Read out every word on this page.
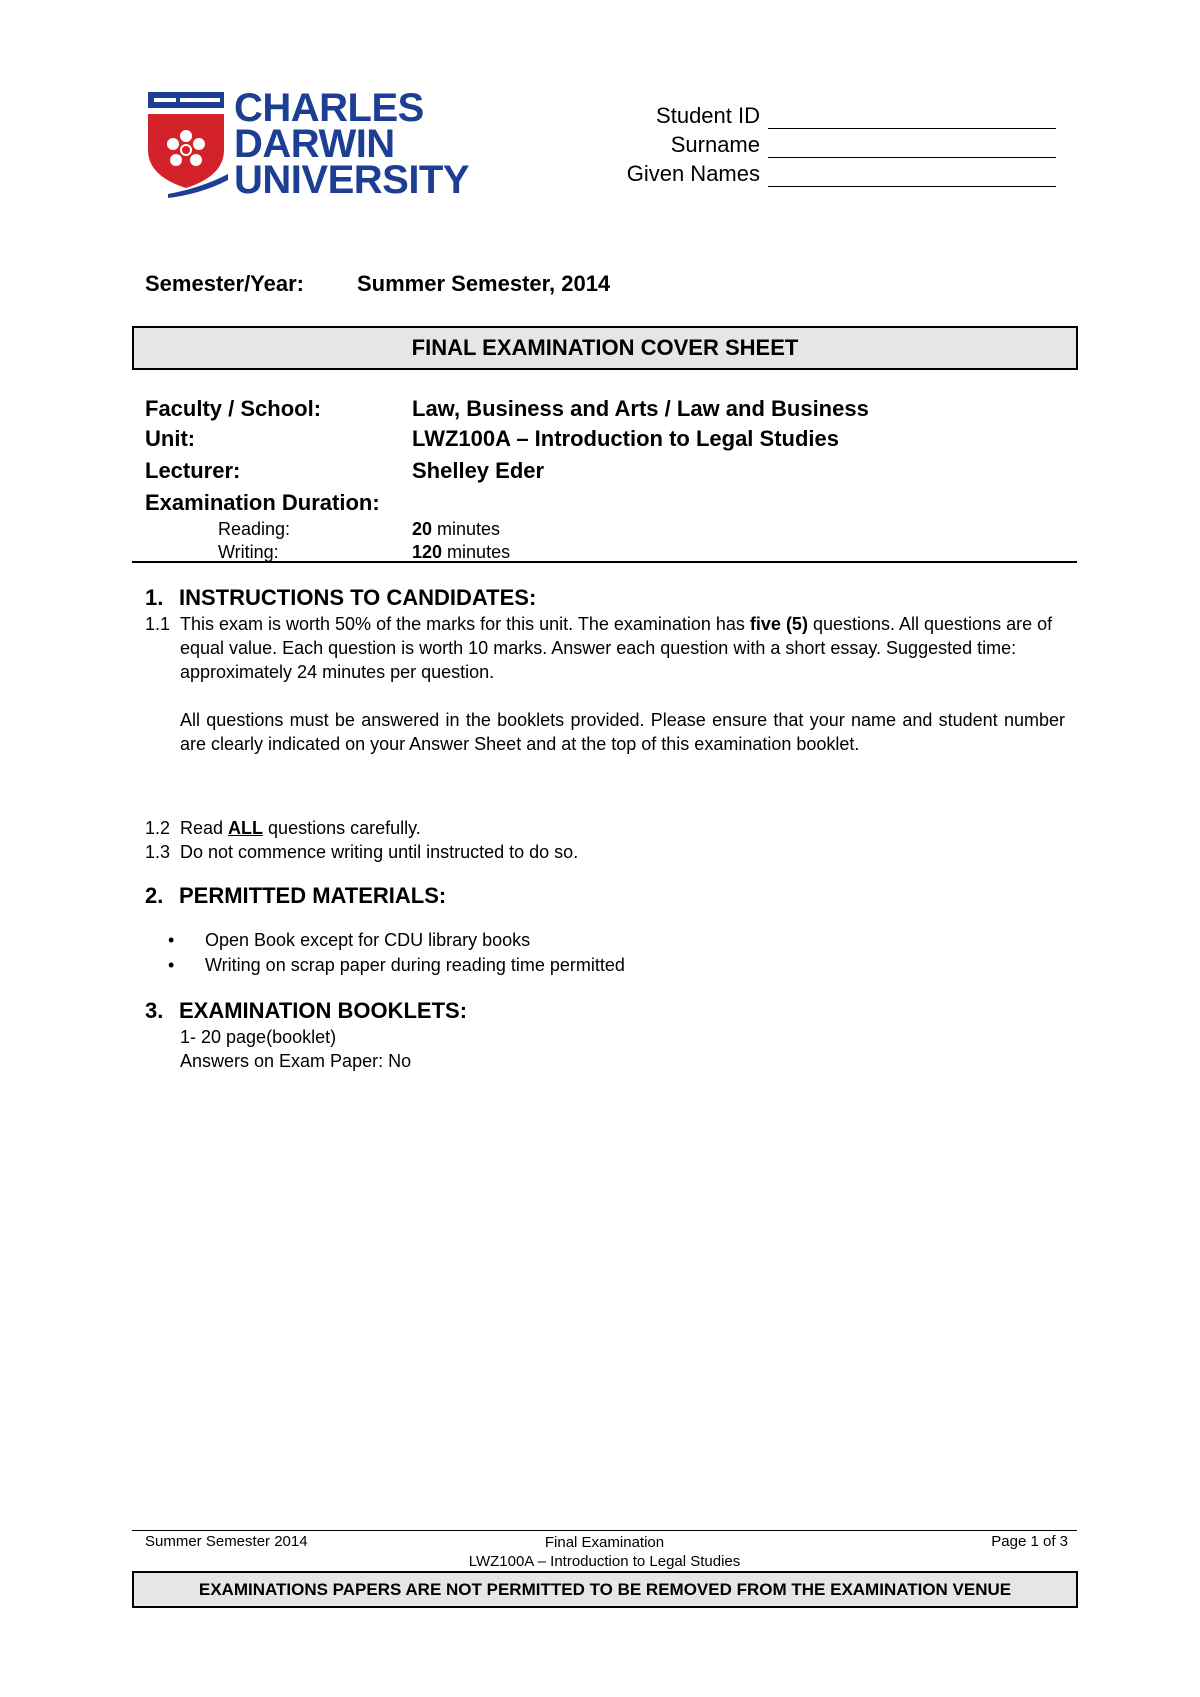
CHARLES
DARWIN
UNIVERSITY
Student ID
Surname
Given Names
Semester/Year: Summer Semester, 2014
FINAL EXAMINATION COVER SHEET
Faculty / School:	Law, Business and Arts / Law and Business
Unit:	LWZ100A – Introduction to Legal Studies
Lecturer:	Shelley Eder
Examination Duration:
Reading:	20 minutes
Writing:	120 minutes
1. INSTRUCTIONS TO CANDIDATES:
1.1 This exam is worth 50% of the marks for this unit. The examination has five (5) questions. All questions are of equal value. Each question is worth 10 marks. Answer each question with a short essay. Suggested time: approximately 24 minutes per question.
All questions must be answered in the booklets provided. Please ensure that your name and student number are clearly indicated on your Answer Sheet and at the top of this examination booklet.
1.2 Read ALL questions carefully.
1.3 Do not commence writing until instructed to do so.
2. PERMITTED MATERIALS:
• Open Book except for CDU library books
• Writing on scrap paper during reading time permitted
3. EXAMINATION BOOKLETS:
1- 20 page(booklet)
Answers on Exam Paper: No
Summer Semester 2014	Final Examination
LWZ100A – Introduction to Legal Studies
Page 1 of 3
EXAMINATIONS PAPERS ARE NOT PERMITTED TO BE REMOVED FROM THE EXAMINATION VENUE
